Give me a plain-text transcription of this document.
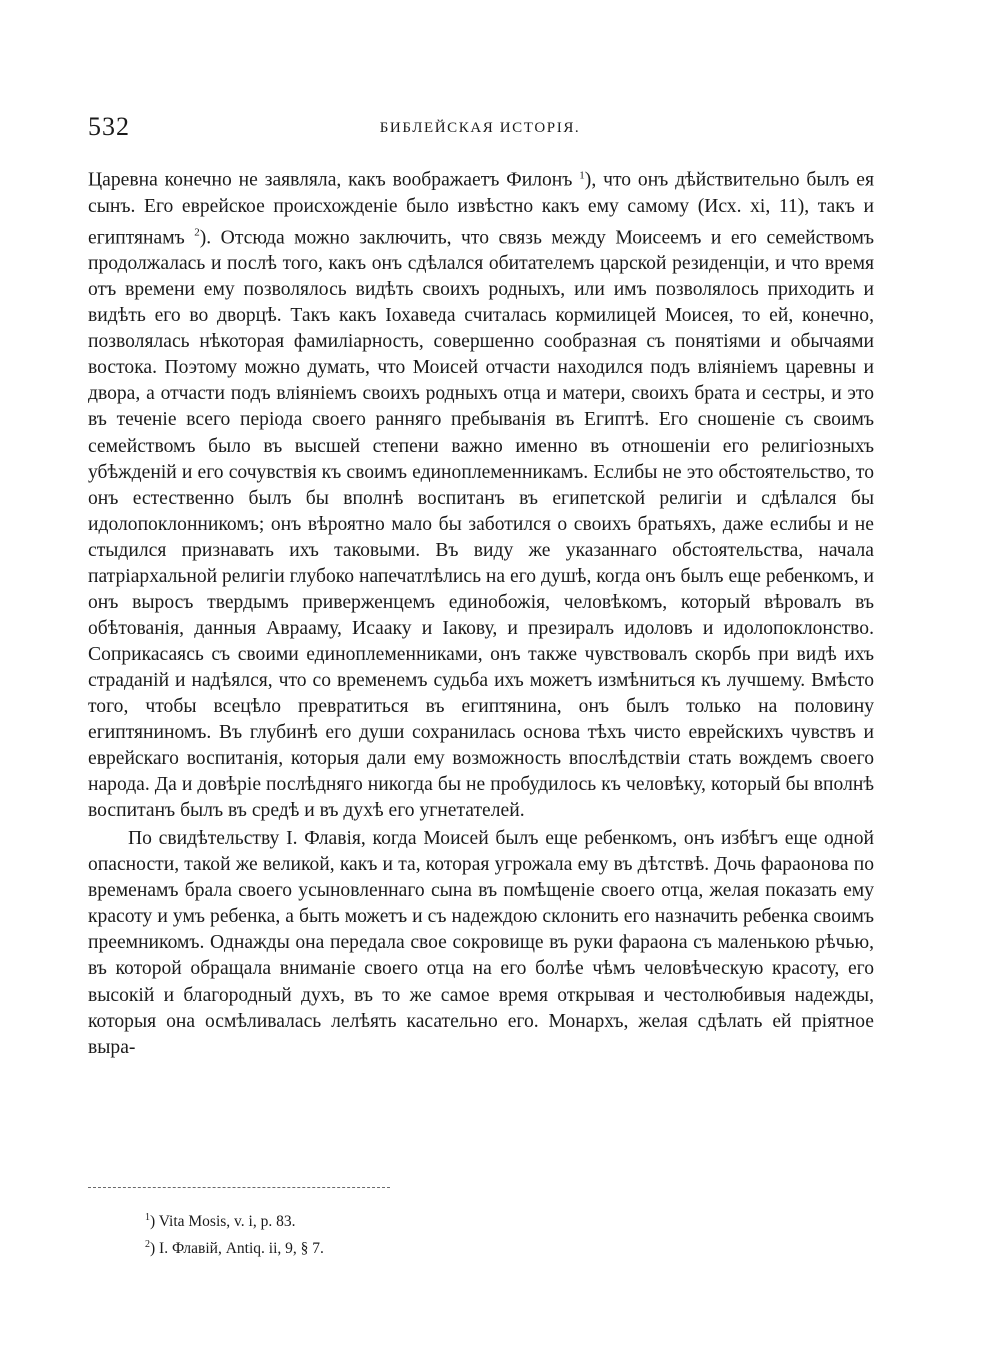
532	БИБЛЕЙСКАЯ ИСТОРІЯ.

Царевна конечно не заявляла, какъ воображаетъ Филонъ $^1$), что онъ дѣйствительно былъ ея сынъ. Его еврейское происхожденіе было извѣстно какъ ему самому (Исх. xi, 11), такъ и египтянамъ $^2$). Отсюда можно заключить, что связь между Моисеемъ и его семействомъ продолжалась и послѣ того, какъ онъ сдѣлался обитателемъ царской резиденціи, и что время отъ времени ему позволялось видѣть своихъ родныхъ, или имъ позволялось приходить и видѣть его во дворцѣ. Такъ какъ Іохаведа считалась кормилицей Моисея, то ей, конечно, позволялась нѣкоторая фамиліарность, совершенно сообразная съ понятіями и обычаями востока. Поэтому можно думать, что Моисей отчасти находился подъ вліяніемъ царевны и двора, а отчасти подъ вліяніемъ своихъ родныхъ отца и матери, своихъ брата и сестры, и это въ теченіе всего періода своего ранняго пребыванія въ Египтѣ. Его сношеніе съ своимъ семействомъ было въ высшей степени важно именно въ отношеніи его религіозныхъ убѣжденій и его сочувствія къ своимъ единоплеменникамъ. Еслибы не это обстоятельство, то онъ естественно былъ бы вполнѣ воспитанъ въ египетской религіи и сдѣлался бы идолопоклонникомъ; онъ вѣроятно мало бы заботился о своихъ братьяхъ, даже еслибы и не стыдился признавать ихъ таковыми. Въ виду же указаннаго обстоятельства, начала патріархальной религіи глубоко напечатлѣлись на его душѣ, когда онъ былъ еще ребенкомъ, и онъ выросъ твердымъ приверженцемъ единобожія, человѣкомъ, который вѣровалъ въ обѣтованія, данныя Аврааму, Исааку и Іакову, и презиралъ идоловъ и идолопоклонство. Соприкасаясь съ своими единоплеменниками, онъ также чувствовалъ скорбь при видѣ ихъ страданій и надѣялся, что со временемъ судьба ихъ можетъ измѣниться къ лучшему. Вмѣсто того, чтобы всецѣло превратиться въ египтянина, онъ былъ только на половину египтяниномъ. Въ глубинѣ его души сохранилась основа тѣхъ чисто еврейскихъ чувствъ и еврейскаго воспитанія, которыя дали ему возможность впослѣдствіи стать вождемъ своего народа. Да и довѣріе послѣдняго никогда бы не пробудилось къ человѣку, который бы вполнѣ воспитанъ былъ въ средѣ и въ духѣ его угнетателей.

По свидѣтельству І. Флавія, когда Моисей былъ еще ребенкомъ, онъ избѣгъ еще одной опасности, такой же великой, какъ и та, которая угрожала ему въ дѣтствѣ. Дочь фараонова по временамъ брала своего усыновленнаго сына въ помѣщеніе своего отца, желая показать ему красоту и умъ ребенка, а быть можетъ и съ надеждою склонить его назначить ребенка своимъ преемникомъ. Однажды она передала свое сокровище въ руки фараона съ маленькою рѣчью, въ которой обращала вниманіе своего отца на его болѣе чѣмъ человѣческую красоту, его высокій и благородный духъ, въ то же самое время открывая и честолюбивыя надежды, которыя она осмѣливалась лелѣять касательно его. Монархъ, желая сдѣлать ей пріятное выра-

$^1$) Vita Mosis, v. i, p. 83.
$^2$) І. Флавій, Antiq. ii, 9, § 7.
